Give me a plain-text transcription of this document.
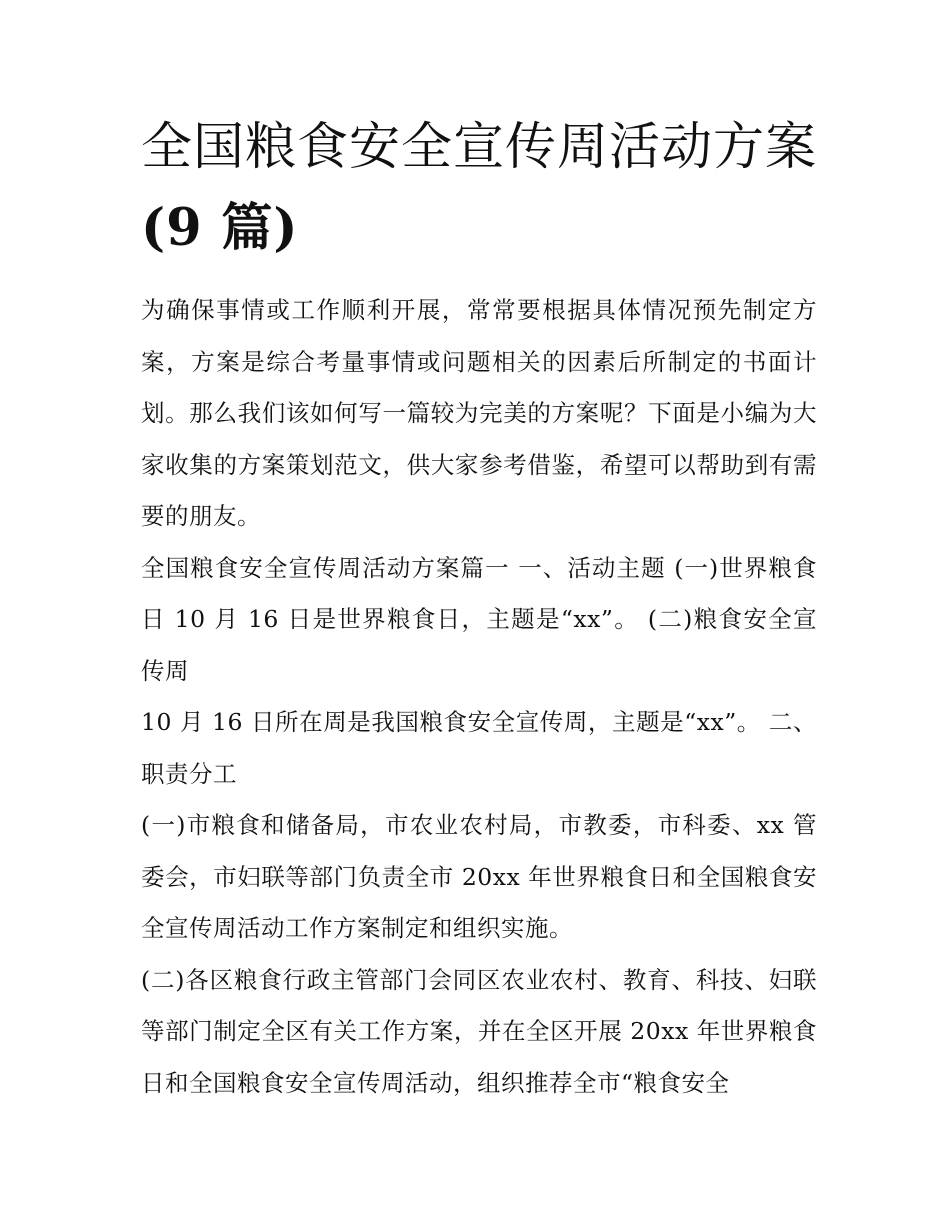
全国粮食安全宣传周活动方案
(9 篇)

为确保事情或工作顺利开展，常常要根据具体情况预先制定方案，方案是综合考量事情或问题相关的因素后所制定的书面计划。那么我们该如何写一篇较为完美的方案呢？下面是小编为大家收集的方案策划范文，供大家参考借鉴，希望可以帮助到有需要的朋友。

全国粮食安全宣传周活动方案篇一 一、活动主题 (一)世界粮食日 10 月 16 日是世界粮食日，主题是“xx”。 (二)粮食安全宣传周

10 月 16 日所在周是我国粮食安全宣传周，主题是“xx”。 二、职责分工

(一)市粮食和储备局，市农业农村局，市教委，市科委、xx 管委会，市妇联等部门负责全市 20xx 年世界粮食日和全国粮食安全宣传周活动工作方案制定和组织实施。

(二)各区粮食行政主管部门会同区农业农村、教育、科技、妇联等部门制定全区有关工作方案，并在全区开展 20xx 年世界粮食日和全国粮食安全宣传周活动，组织推荐全市“粮食安全
